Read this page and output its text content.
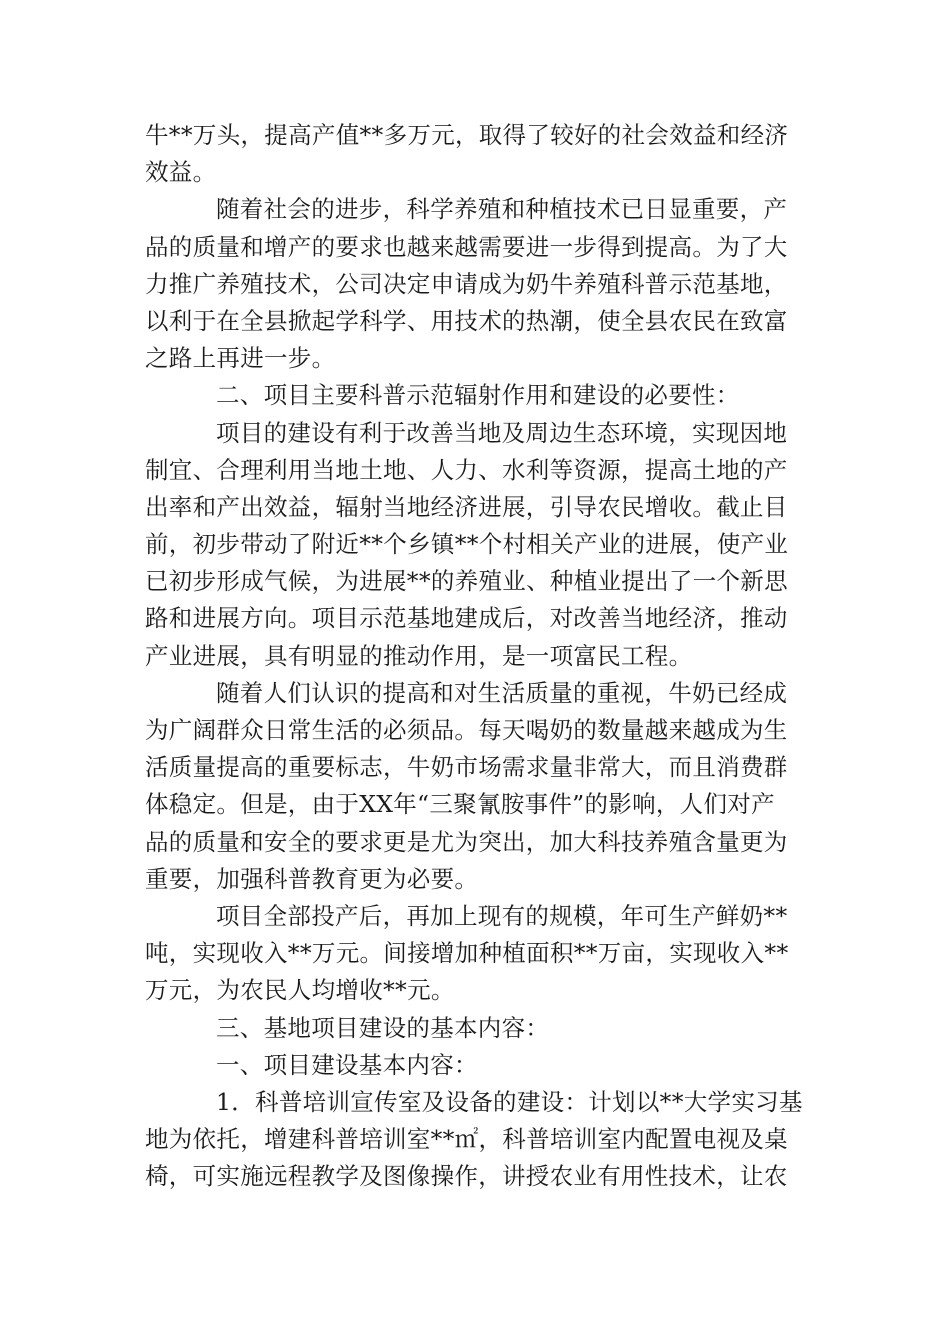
牛**万头，提高产值**多万元，取得了较好的社会效益和经济
效益。
随着社会的进步，科学养殖和种植技术已日显重要，产
品的质量和增产的要求也越来越需要进一步得到提高。为了大
力推广养殖技术，公司决定申请成为奶牛养殖科普示范基地，
以利于在全县掀起学科学、用技术的热潮，使全县农民在致富
之路上再进一步。
二、项目主要科普示范辐射作用和建设的必要性：
项目的建设有利于改善当地及周边生态环境，实现因地
制宜、合理利用当地土地、人力、水利等资源，提高土地的产
出率和产出效益，辐射当地经济进展，引导农民增收。截止目
前，初步带动了附近**个乡镇**个村相关产业的进展，使产业
已初步形成气候，为进展**的养殖业、种植业提出了一个新思
路和进展方向。项目示范基地建成后，对改善当地经济，推动
产业进展，具有明显的推动作用，是一项富民工程。
随着人们认识的提高和对生活质量的重视，牛奶已经成
为广阔群众日常生活的必须品。每天喝奶的数量越来越成为生
活质量提高的重要标志，牛奶市场需求量非常大，而且消费群
体稳定。但是，由于XX年“三聚氰胺事件”的影响，人们对产
品的质量和安全的要求更是尤为突出，加大科技养殖含量更为
重要，加强科普教育更为必要。
项目全部投产后，再加上现有的规模，年可生产鲜奶**
吨，实现收入**万元。间接增加种植面积**万亩，实现收入**
万元，为农民人均增收**元。
三、基地项目建设的基本内容：
一、项目建设基本内容：
1．科普培训宣传室及设备的建设：计划以**大学实习基
地为依托，增建科普培训室**㎡，科普培训室内配置电视及桌
椅，可实施远程教学及图像操作，讲授农业有用性技术，让农
